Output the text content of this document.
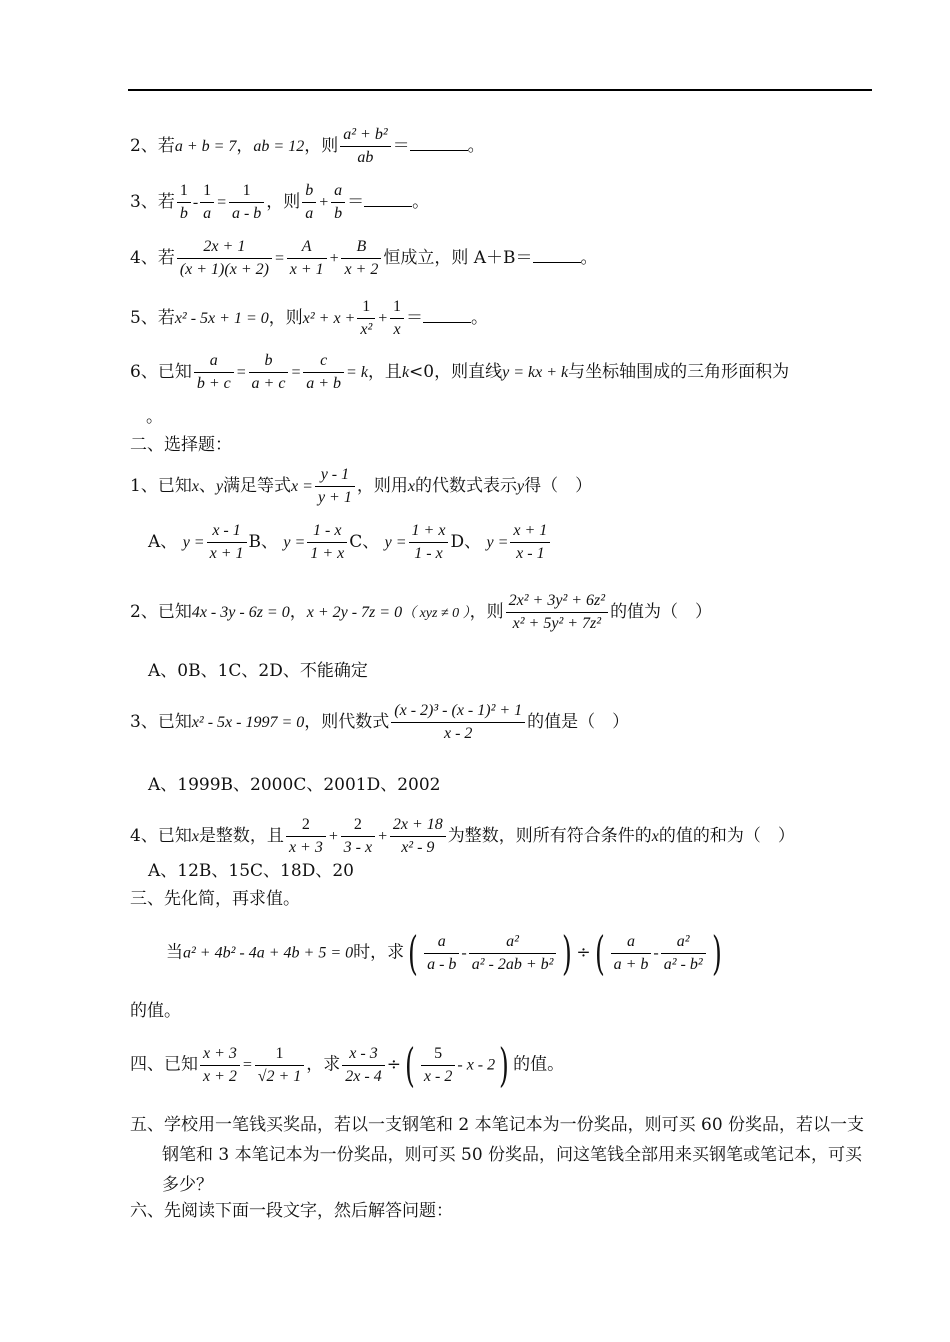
2、若a + b = 7，ab = 12，则 $\frac{\text{a² + b²}}{ab}$ ＝	。
3、若 $\frac{1}{b} - \frac{1}{a} = \frac{1}{a - b}$ ，则 $\frac{b}{a} + \frac{a}{b}$ ＝	。
4、若 $\frac{2x + 1}{(x + 1)(x + 2)} = \frac{A}{x + 1} + \frac{B}{x + 2}$ 恒成立，则 A＋B＝	。
5、若x² - 5x + 1 = 0，则$x^2 + x + \frac{1}{\text{x²}} + \frac{1}{x}$ ＝	。
6、已知 $\frac{a}{b + c} = \frac{b}{a + c} = \frac{c}{a + b} = k$，且k<0，则直线y = kx + k与坐标轴围成的三角形面积为
。
二、选择题：
1、已知x、y满足等式$x = \frac{y - 1}{y + 1}$ ，则用x的代数式表示y得（　）
A、 $y = \frac{x - 1}{x + 1}$ B、 $y = \frac{1 - x}{1 + x}$ C、 $y = \frac{1 + x}{1 - x}$ D、 $y = \frac{x + 1}{x - 1}$
2、已知4x - 3y - 6z = 0，x + 2y - 7z = 0（ xyz ≠ 0 ），则 $\frac{\text{2x² + 3y² + 6z²}}{\text{x² + 5y² + 7z²}}$ 的值为（　）
A、0B、1C、2D、不能确定
3、已知x² - 5x - 1997 = 0，则代数式 $\frac{\text{(x - 2)³ - (x - 1)² + 1}}{x - 2}$ 的值是（　）
A、1999B、2000C、2001D、2002
4、已知x是整数，且 $\frac{2}{x + 3} + \frac{2}{3 - x} + \frac{2x + 18}{\text{x² - 9}}$ 为整数，则所有符合条件的x的值的和为（　）
A、12B、15C、18D、20
三、先化简，再求值。
当a² + 4b² - 4a + 4b + 5 = 0时，求( $\frac{a}{a - b} - \frac{\text{a²}}{\text{a² - 2ab + b²}}$ ) ÷( $\frac{a}{a + b} - \frac{\text{a²}}{\text{a² - b²}}$ )
的值。
四、已知 $\frac{x + 3}{x + 2} = \frac{1}{√2 + 1}$ ，求 $\frac{x - 3}{2x - 4}$ ÷( $\frac{5}{x - 2}$ - x - 2) 的值。
五、学校用一笔钱买奖品，若以一支钢笔和 2 本笔记本为一份奖品，则可买 60 份奖品，若以一支钢笔和 3 本笔记本为一份奖品，则可买 50 份奖品，问这笔钱全部用来买钢笔或笔记本，可买多少？
六、先阅读下面一段文字，然后解答问题：
